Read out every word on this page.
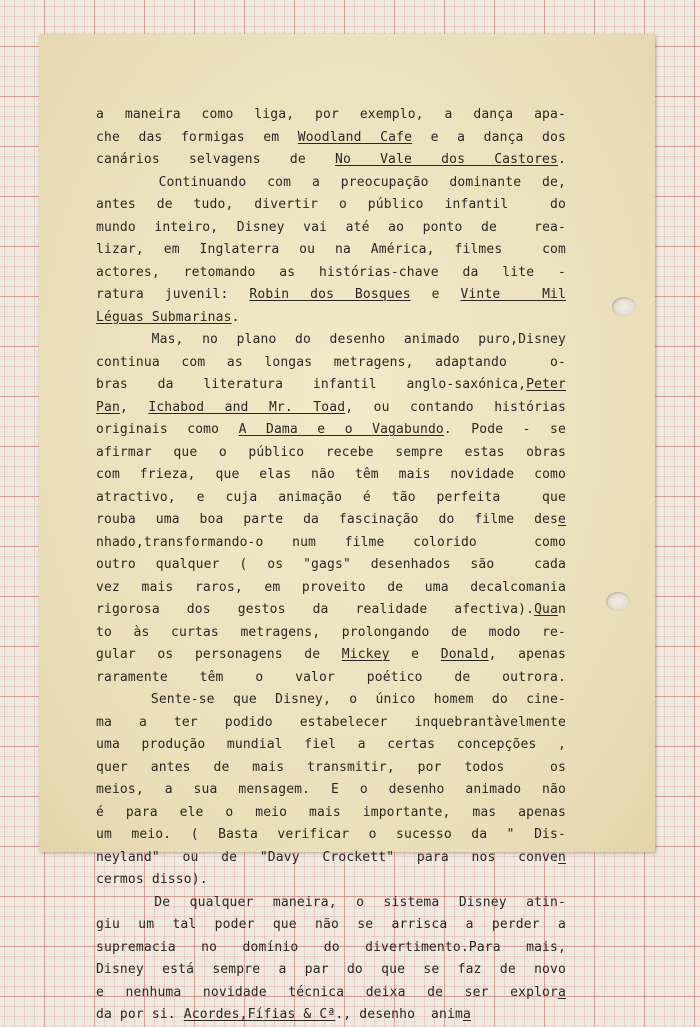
a maneira como liga, por exemplo, a dança apa-
che das formigas em Woodland Cafe e a dança dos
canários selvagens de No Vale dos Castores.
Continuando com a preocupação dominante de,
antes de tudo, divertir o público infantil  do
mundo inteiro, Disney vai até ao ponto de  rea-
lizar, em Inglaterra ou na América, filmes  com
actores, retomando as histórias-chave da lite -
ratura juvenil: Robin dos Bosques e Vinte  Mil
Léguas Submarinas.
Mas, no plano do desenho animado puro,Disney
continua com as longas metragens, adaptando  o-
bras da literatura infantil anglo-saxónica,Peter
Pan, Ichabod and Mr. Toad, ou contando histórias
originais como A Dama e o Vagabundo. Pode - se
afirmar que o público recebe sempre estas obras
com frieza, que elas não têm mais novidade como
atractivo, e cuja animação é tão perfeita  que
rouba uma boa parte da fascinação do filme dese
nhado,transformando-o num filme colorido  como
outro qualquer ( os "gags" desenhados são  cada
vez mais raros, em proveito de uma decalcomania
rigorosa dos gestos da realidade afectiva).Quan
to às curtas metragens, prolongando de modo re-
gular os personagens de Mickey e Donald, apenas
raramente têm o valor poético de outrora.
Sente-se que Disney, o único homem do cine-
ma a ter podido estabelecer inquebrantàvelmente
uma produção mundial fiel a certas concepções ,
quer antes de mais transmitir, por todos  os
meios, a sua mensagem. E o desenho animado não
é para ele o meio mais importante, mas apenas
um meio. ( Basta verificar o sucesso da " Dis-
neyland" ou de "Davy Crockett" para nos conven
cermos disso).
De qualquer maneira, o sistema Disney atin-
giu um tal poder que não se arrisca a perder a
supremacia no domínio do divertimento.Para mais,
Disney está sempre a par do que se faz de novo
e nenhuma novidade técnica deixa de ser explora
da por si. Acordes,Fífias & Cª., desenho  anima
